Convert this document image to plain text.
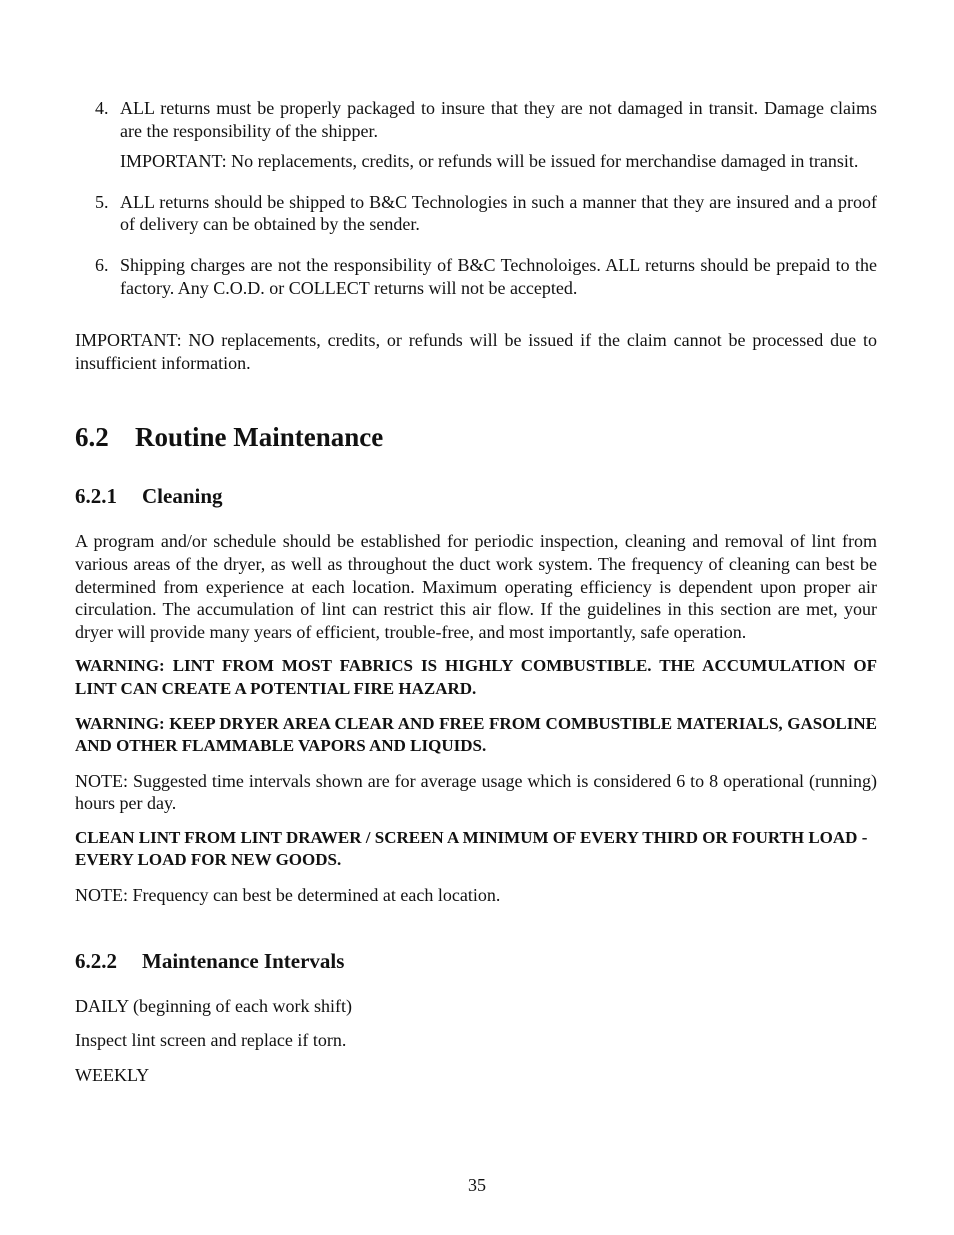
4. ALL returns must be properly packaged to insure that they are not damaged in transit. Damage claims are the responsibility of the shipper.

IMPORTANT: No replacements, credits, or refunds will be issued for merchandise damaged in transit.

5. ALL returns should be shipped to B&C Technologies in such a manner that they are insured and a proof of delivery can be obtained by the sender.

6. Shipping charges are not the responsibility of B&C Technoloiges. ALL returns should be prepaid to the factory. Any C.O.D. or COLLECT returns will not be accepted.

IMPORTANT: NO replacements, credits, or refunds will be issued if the claim cannot be processed due to insufficient information.

6.2 Routine Maintenance
6.2.1 Cleaning

A program and/or schedule should be established for periodic inspection, cleaning and removal of lint from various areas of the dryer, as well as throughout the duct work system. The frequency of cleaning can best be determined from experience at each location. Maximum operating efficiency is dependent upon proper air circulation. The accumulation of lint can restrict this air flow. If the guidelines in this section are met, your dryer will provide many years of efficient, trouble-free, and most importantly, safe operation.

WARNING: LINT FROM MOST FABRICS IS HIGHLY COMBUSTIBLE. THE ACCUMULATION OF LINT CAN CREATE A POTENTIAL FIRE HAZARD.

WARNING: KEEP DRYER AREA CLEAR AND FREE FROM COMBUSTIBLE MATERIALS, GASOLINE AND OTHER FLAMMABLE VAPORS AND LIQUIDS.

NOTE: Suggested time intervals shown are for average usage which is considered 6 to 8 operational (running) hours per day.

CLEAN LINT FROM LINT DRAWER / SCREEN A MINIMUM OF EVERY THIRD OR FOURTH LOAD - EVERY LOAD FOR NEW GOODS.

NOTE: Frequency can best be determined at each location.

6.2.2 Maintenance Intervals

DAILY (beginning of each work shift)

Inspect lint screen and replace if torn.

WEEKLY

35
